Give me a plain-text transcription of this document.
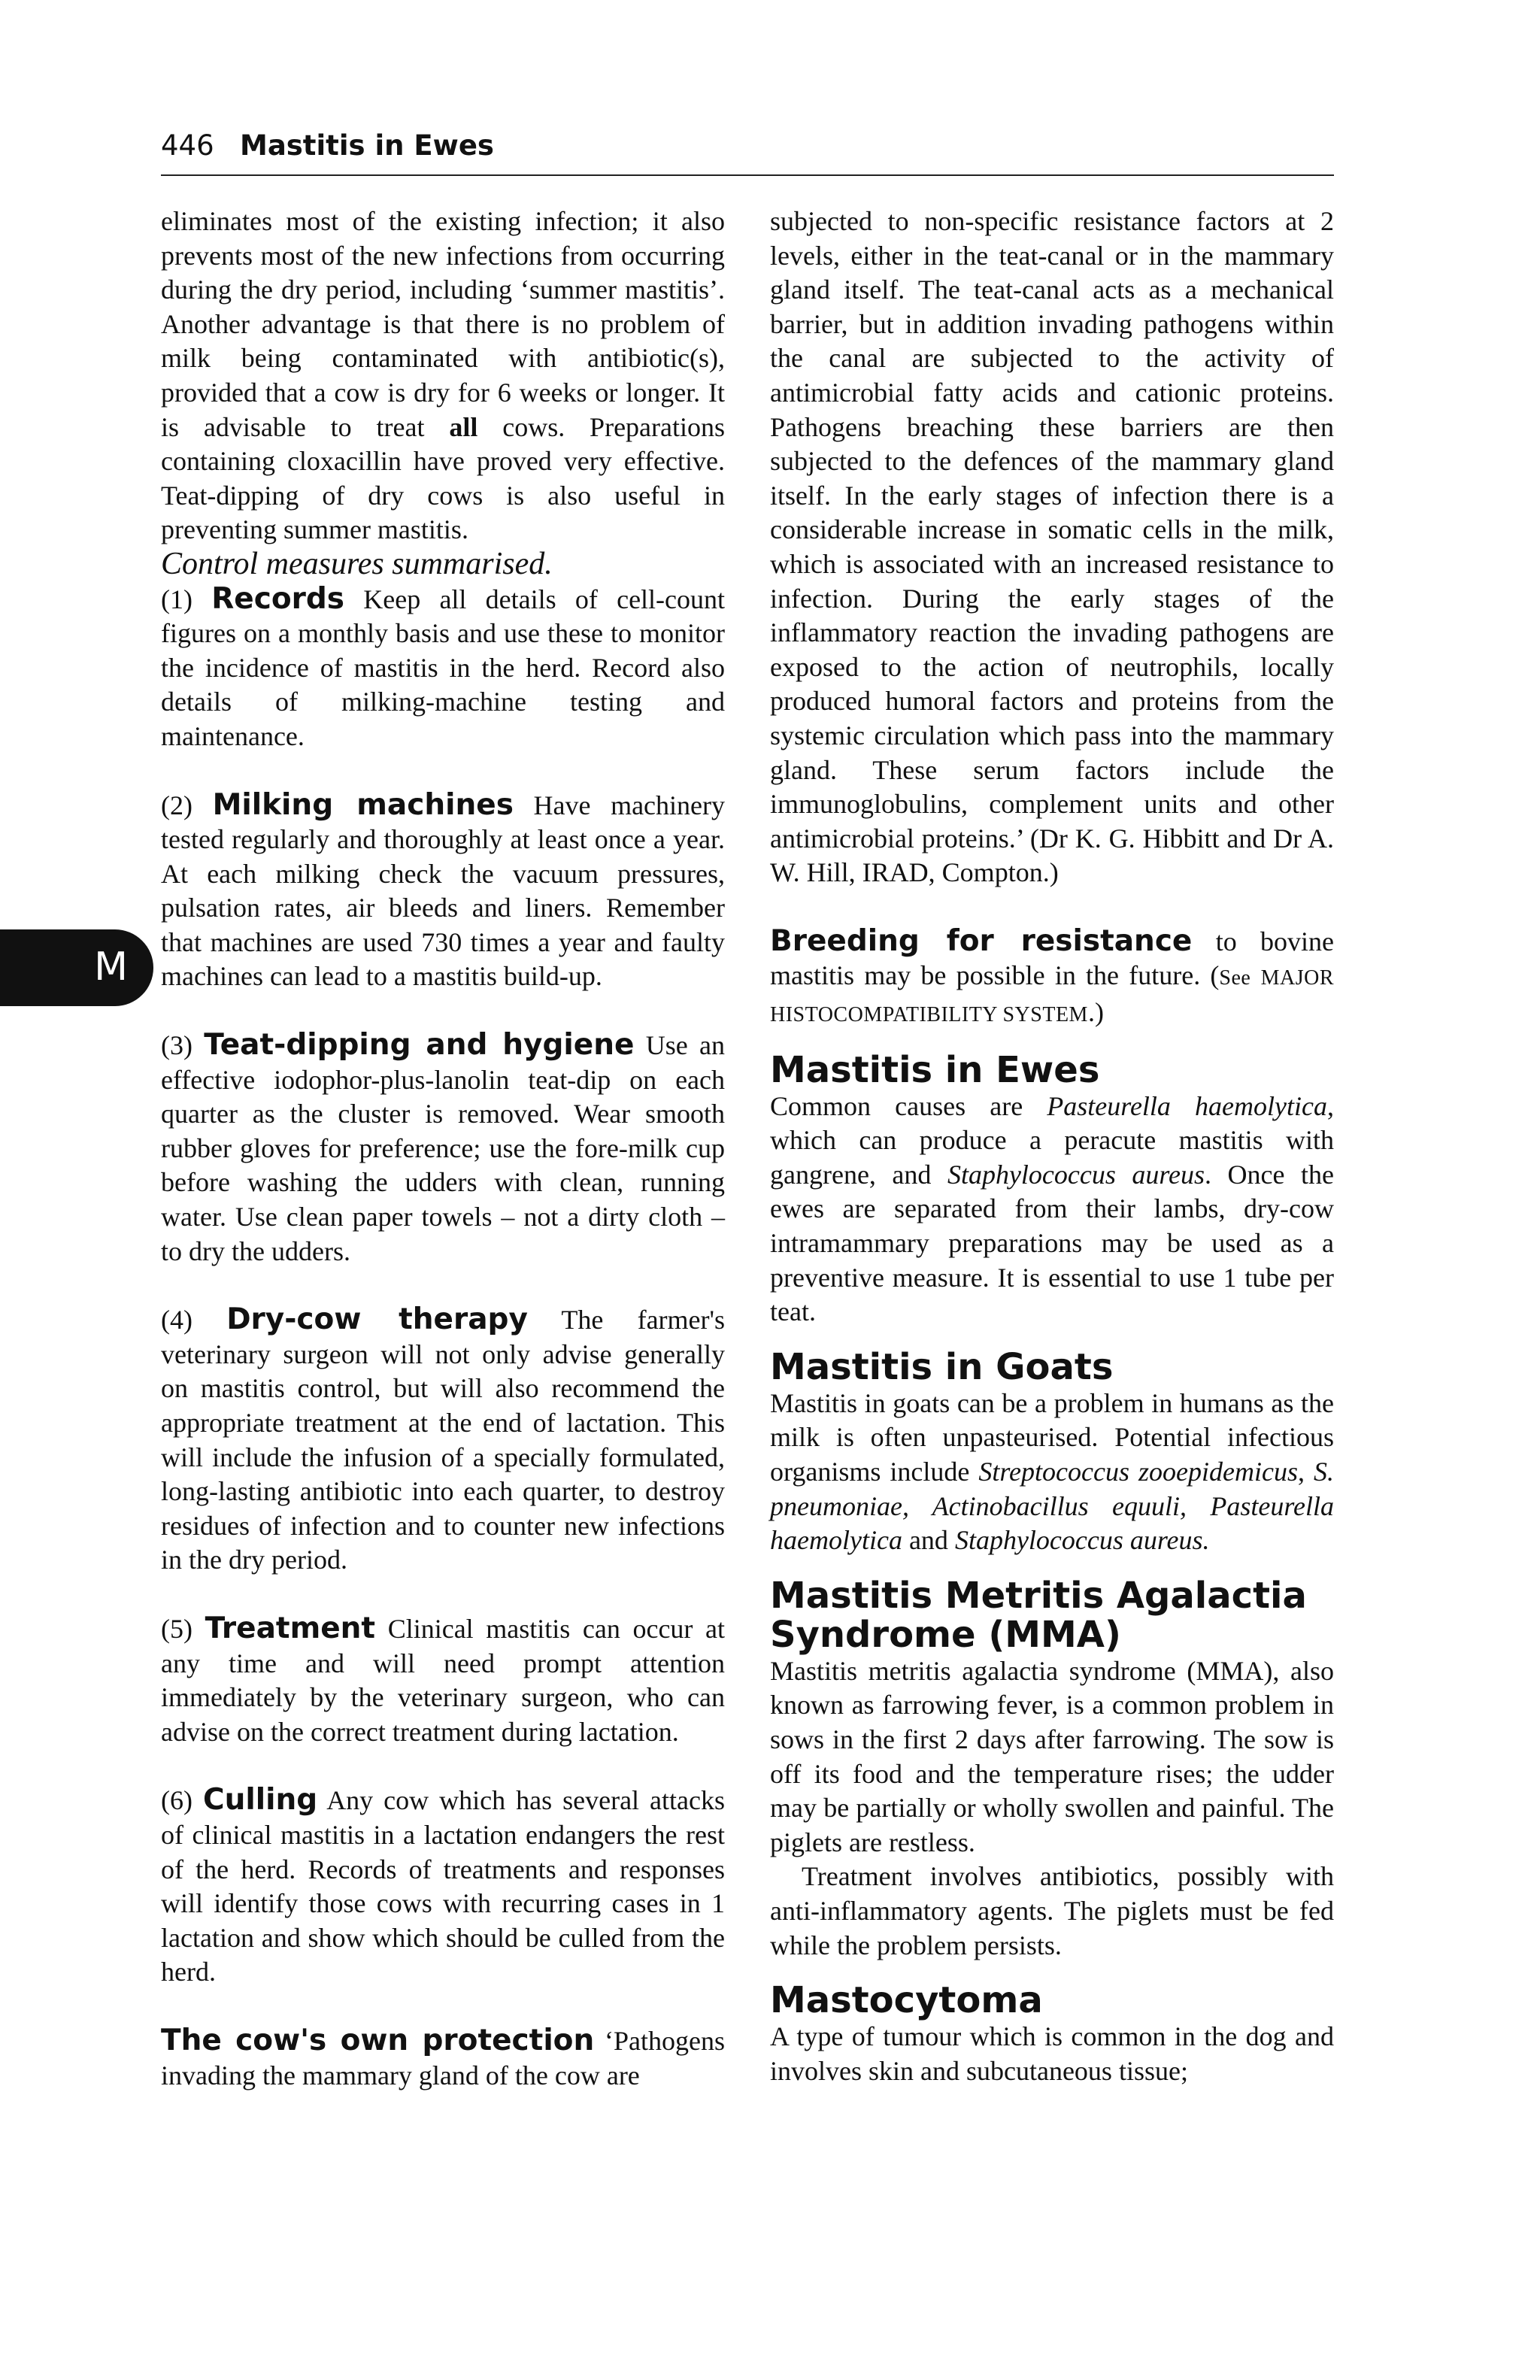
446 Mastitis in Ewes
M

eliminates most of the existing infection; it also prevents most of the new infections from occurring during the dry period, including ‘summer mastitis’. Another advantage is that there is no problem of milk being contaminated with antibiotic(s), provided that a cow is dry for 6 weeks or longer. It is advisable to treat all cows. Preparations containing cloxacillin have proved very effective. Teat-dipping of dry cows is also useful in preventing summer mastitis.

Control measures summarised.

(1) Records Keep all details of cell-count figures on a monthly basis and use these to monitor the incidence of mastitis in the herd. Record also details of milking-machine testing and maintenance.

(2) Milking machines Have machinery tested regularly and thoroughly at least once a year. At each milking check the vacuum pressures, pulsation rates, air bleeds and liners. Remember that machines are used 730 times a year and faulty machines can lead to a mastitis build-up.

(3) Teat-dipping and hygiene Use an effective iodophor-plus-lanolin teat-dip on each quarter as the cluster is removed. Wear smooth rubber gloves for preference; use the fore-milk cup before washing the udders with clean, running water. Use clean paper towels – not a dirty cloth – to dry the udders.

(4) Dry-cow therapy The farmer's veterinary surgeon will not only advise generally on mastitis control, but will also recommend the appropriate treatment at the end of lactation. This will include the infusion of a specially formulated, long-lasting antibiotic into each quarter, to destroy residues of infection and to counter new infections in the dry period.

(5) Treatment Clinical mastitis can occur at any time and will need prompt attention immediately by the veterinary surgeon, who can advise on the correct treatment during lactation.

(6) Culling Any cow which has several attacks of clinical mastitis in a lactation endangers the rest of the herd. Records of treatments and responses will identify those cows with recurring cases in 1 lactation and show which should be culled from the herd.

The cow's own protection ‘Pathogens invading the mammary gland of the cow are

subjected to non-specific resistance factors at 2 levels, either in the teat-canal or in the mammary gland itself. The teat-canal acts as a mechanical barrier, but in addition invading pathogens within the canal are subjected to the activity of antimicrobial fatty acids and cationic proteins. Pathogens breaching these barriers are then subjected to the defences of the mammary gland itself. In the early stages of infection there is a considerable increase in somatic cells in the milk, which is associated with an increased resistance to infection. During the early stages of the inflammatory reaction the invading pathogens are exposed to the action of neutrophils, locally produced humoral factors and proteins from the systemic circulation which pass into the mammary gland. These serum factors include the immunoglobulins, complement units and other antimicrobial proteins.’ (Dr K. G. Hibbitt and Dr A. W. Hill, IRAD, Compton.)

Breeding for resistance to bovine mastitis may be possible in the future. (See MAJOR HISTOCOMPATIBILITY SYSTEM.)

Mastitis in Ewes

Common causes are Pasteurella haemolytica, which can produce a peracute mastitis with gangrene, and Staphylococcus aureus. Once the ewes are separated from their lambs, dry-cow intramammary preparations may be used as a preventive measure. It is essential to use 1 tube per teat.

Mastitis in Goats

Mastitis in goats can be a problem in humans as the milk is often unpasteurised. Potential infectious organisms include Streptococcus zooepidemicus, S. pneumoniae, Actinobacillus equuli, Pasteurella haemolytica and Staphylococcus aureus.

Mastitis Metritis Agalactia Syndrome (MMA)

Mastitis metritis agalactia syndrome (MMA), also known as farrowing fever, is a common problem in sows in the first 2 days after farrowing. The sow is off its food and the temperature rises; the udder may be partially or wholly swollen and painful. The piglets are restless.

Treatment involves antibiotics, possibly with anti-inflammatory agents. The piglets must be fed while the problem persists.

Mastocytoma

A type of tumour which is common in the dog and involves skin and subcutaneous tissue;
